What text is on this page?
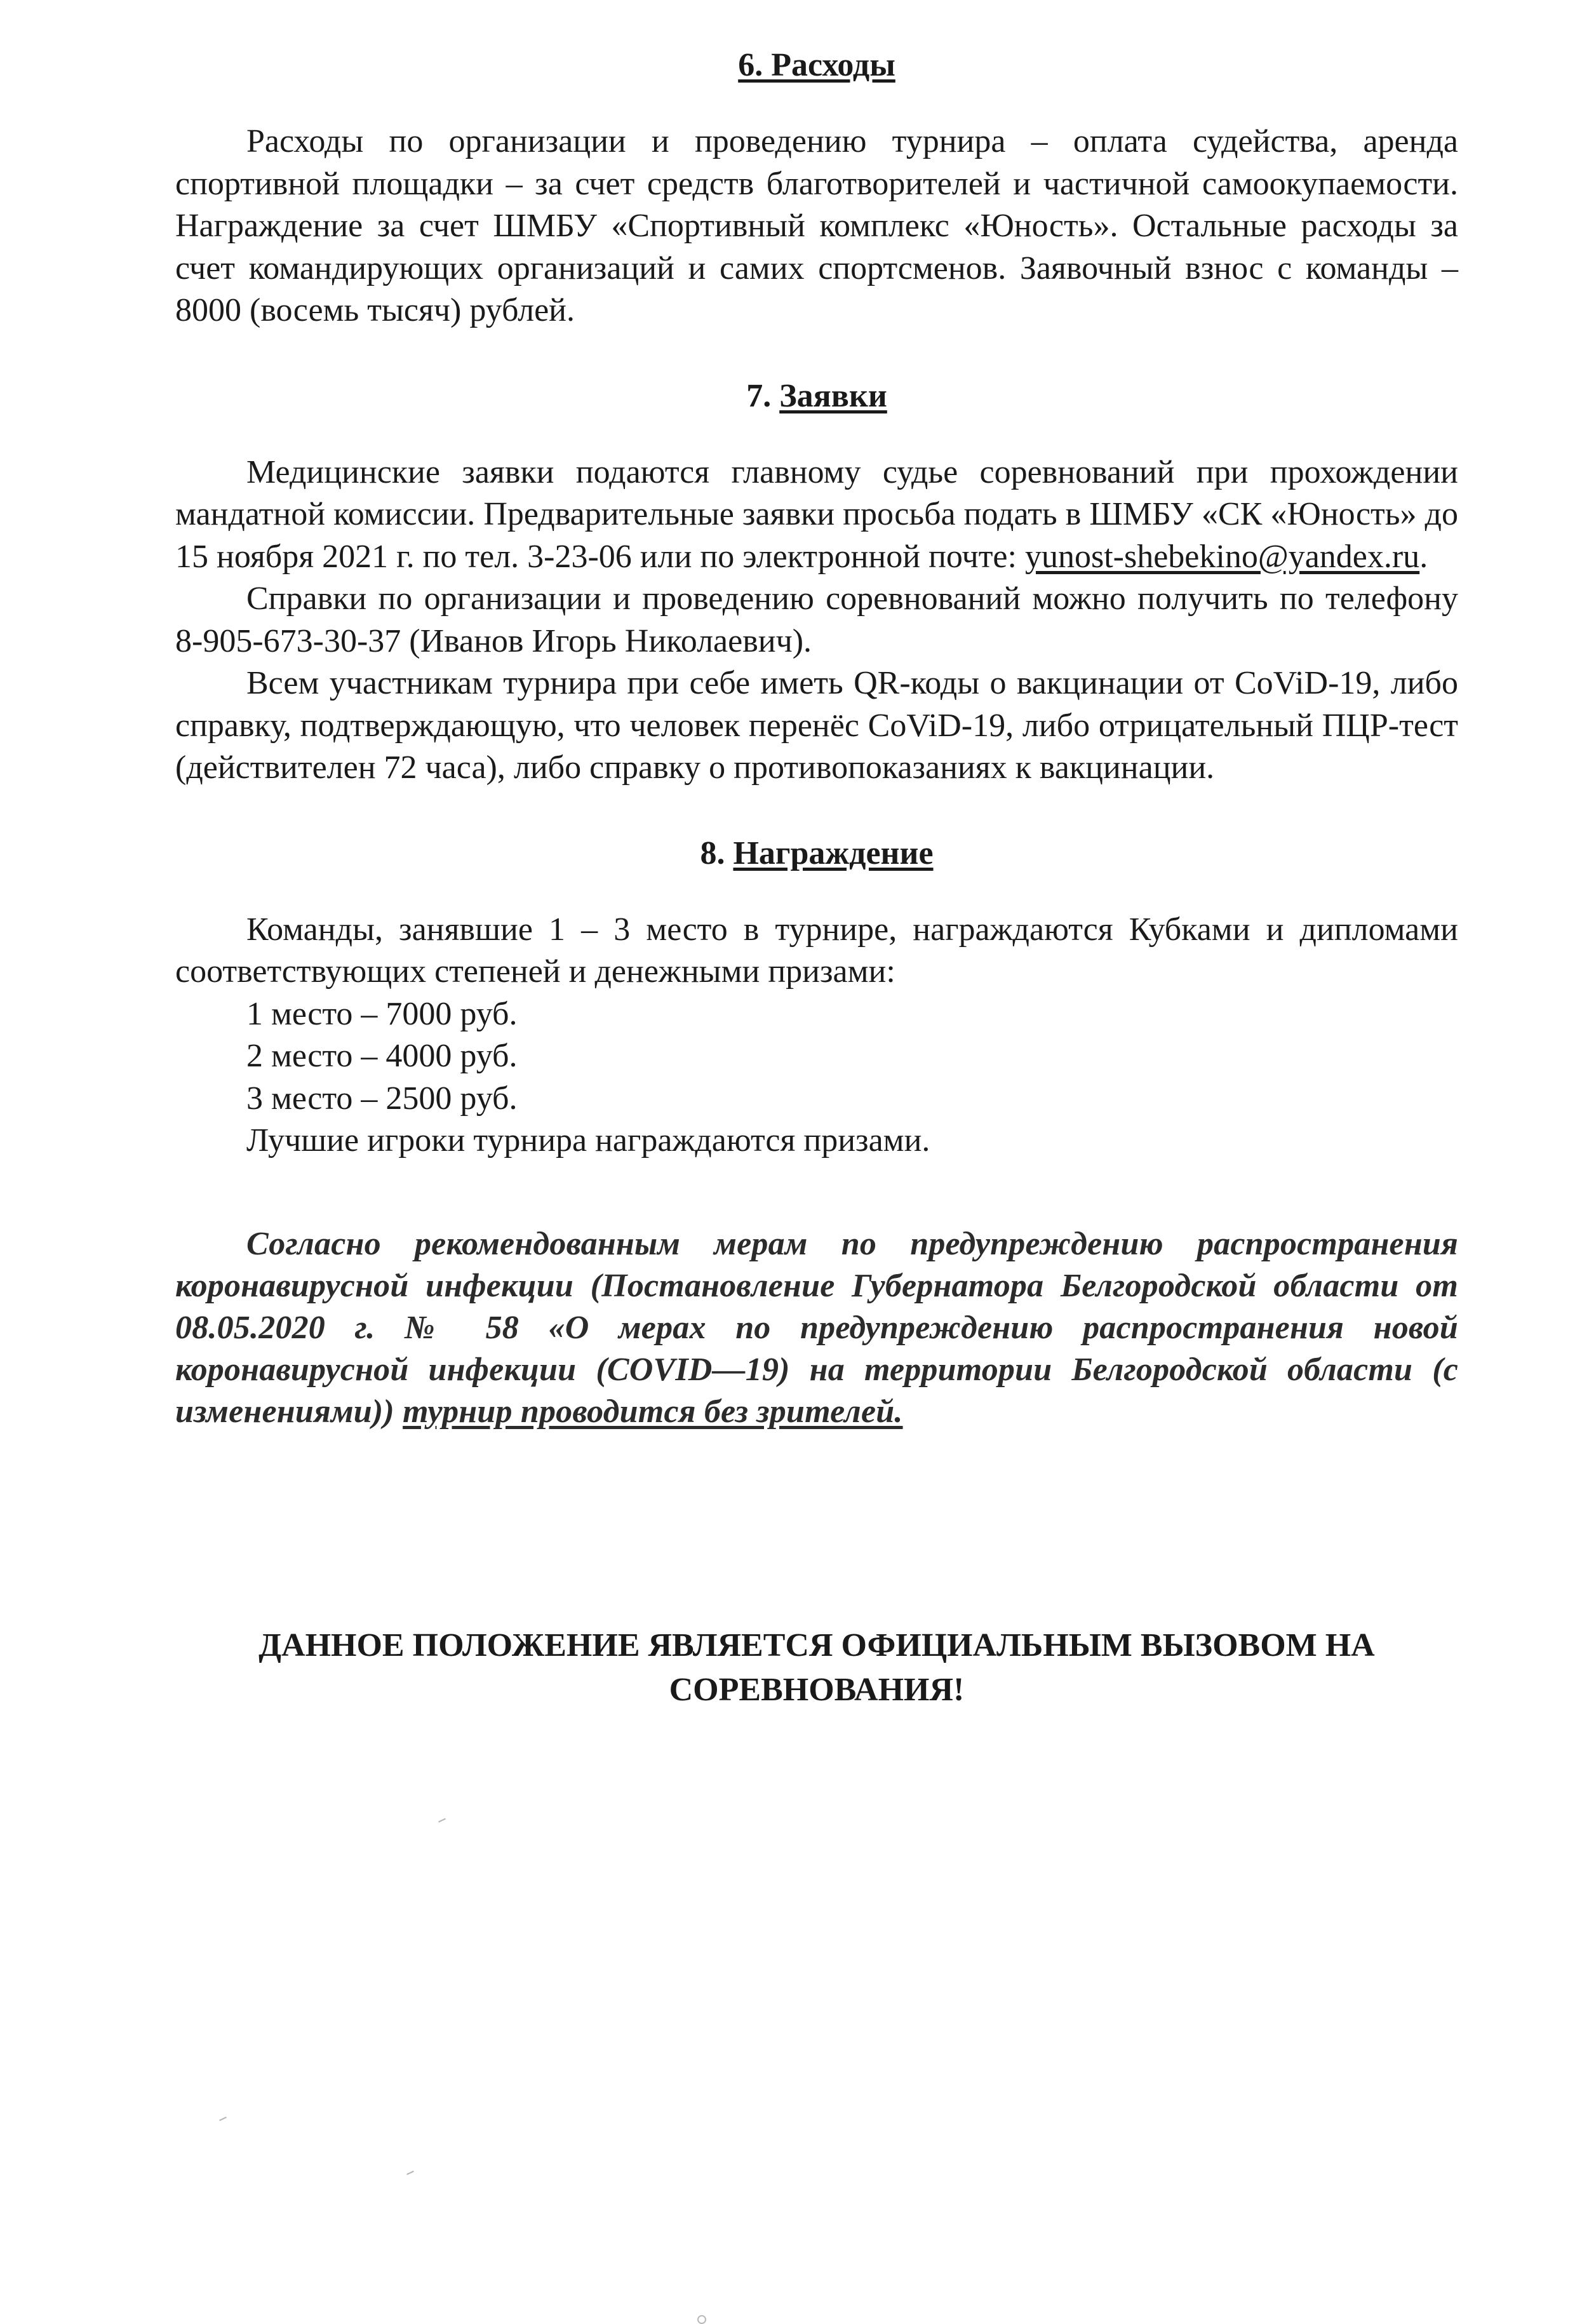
6. Расходы

Расходы по организации и проведению турнира – оплата судейства, аренда спортивной площадки – за счет средств благотворителей и частичной самоокупаемости. Награждение за счет ШМБУ «Спортивный комплекс «Юность». Остальные расходы за счет командирующих организаций и самих спортсменов. Заявочный взнос с команды – 8000 (восемь тысяч) рублей.

7. Заявки

Медицинские заявки подаются главному судье соревнований при прохождении мандатной комиссии. Предварительные заявки просьба подать в ШМБУ «СК «Юность» до 15 ноября 2021 г. по тел. 3-23-06 или по электронной почте: yunost-shebekino@yandex.ru.

Справки по организации и проведению соревнований можно получить по телефону 8-905-673-30-37 (Иванов Игорь Николаевич).

Всем участникам турнира при себе иметь QR-коды о вакцинации от CoViD-19, либо справку, подтверждающую, что человек перенёс CoViD-19, либо отрицательный ПЦР-тест (действителен 72 часа), либо справку о противопоказаниях к вакцинации.

8. Награждение

Команды, занявшие 1 – 3 место в турнире, награждаются Кубками и дипломами соответствующих степеней и денежными призами:

1 место – 7000 руб.

2 место – 4000 руб.

3 место – 2500 руб.

Лучшие игроки турнира награждаются призами.

Согласно рекомендованным мерам по предупреждению распространения коронавирусной инфекции (Постановление Губернатора Белгородской области от 08.05.2020 г. № 58 «О мерах по предупреждению распространения новой коронавирусной инфекции (COVID—19) на территории Белгородской области (с изменениями)) турнир проводится без зрителей.

ДАННОЕ ПОЛОЖЕНИЕ ЯВЛЯЕТСЯ ОФИЦИАЛЬНЫМ ВЫЗОВОМ НА

СОРЕВНОВАНИЯ!
